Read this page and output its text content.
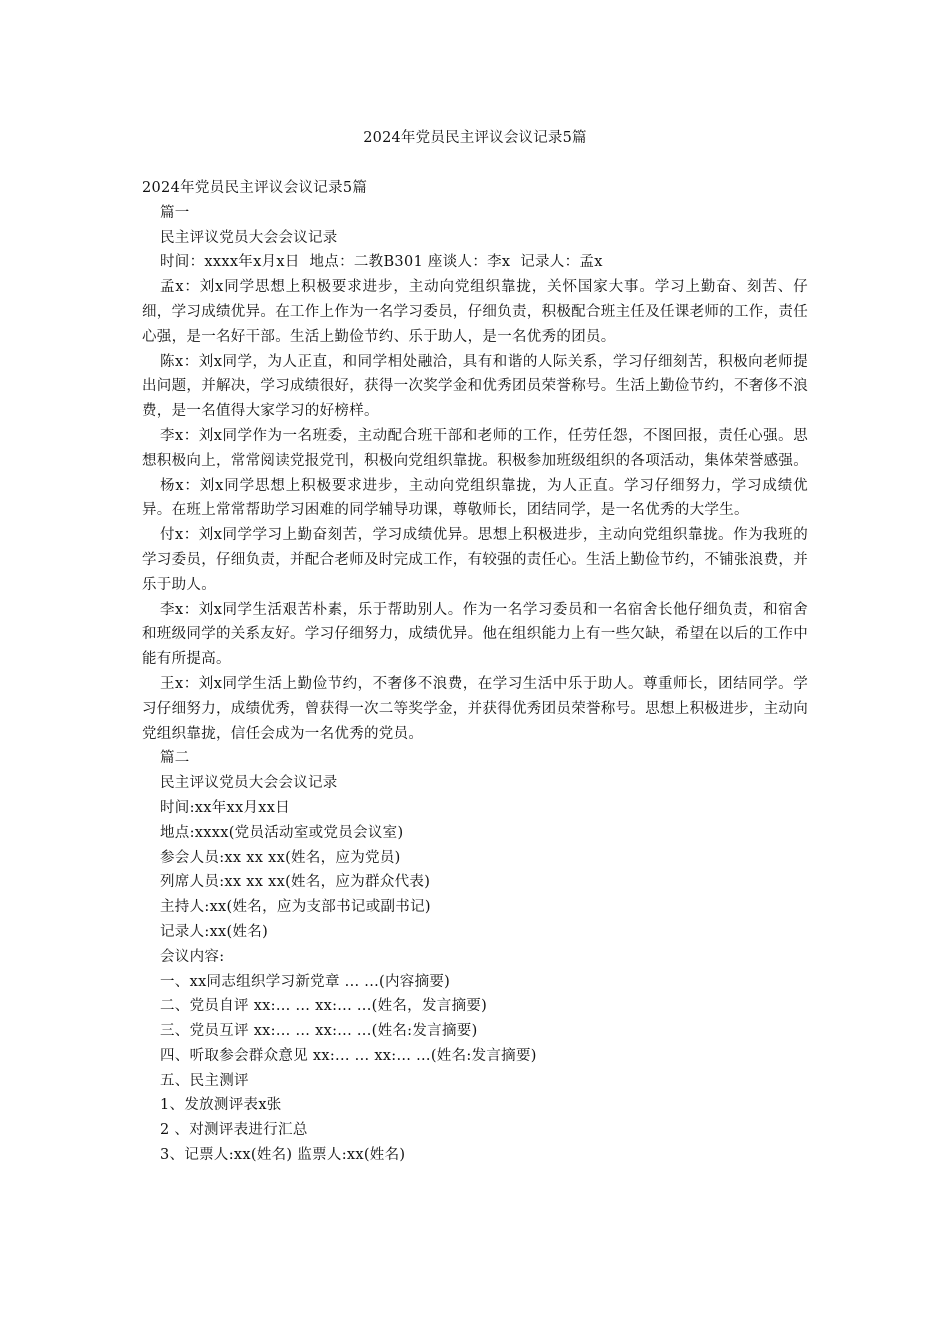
2024年党员民主评议会议记录5篇

2024年党员民主评议会议记录5篇

篇一

民主评议党员大会会议记录

时间：xxxx年x月x日  地点：二教B301 座谈人：李x  记录人：孟x

孟x：刘x同学思想上积极要求进步，主动向党组织靠拢，关怀国家大事。学习上勤奋、刻苦、仔细，学习成绩优异。在工作上作为一名学习委员，仔细负责，积极配合班主任及任课老师的工作，责任心强，是一名好干部。生活上勤俭节约、乐于助人，是一名优秀的团员。

陈x：刘x同学，为人正直，和同学相处融洽，具有和谐的人际关系，学习仔细刻苦，积极向老师提出问题，并解决，学习成绩很好，获得一次奖学金和优秀团员荣誉称号。生活上勤俭节约，不奢侈不浪费，是一名值得大家学习的好榜样。

李x：刘x同学作为一名班委，主动配合班干部和老师的工作，任劳任怨，不图回报，责任心强。思想积极向上，常常阅读党报党刊，积极向党组织靠拢。积极参加班级组织的各项活动，集体荣誉感强。

杨x：刘x同学思想上积极要求进步，主动向党组织靠拢，为人正直。学习仔细努力，学习成绩优异。在班上常常帮助学习困难的同学辅导功课，尊敬师长，团结同学，是一名优秀的大学生。

付x：刘x同学学习上勤奋刻苦，学习成绩优异。思想上积极进步，主动向党组织靠拢。作为我班的学习委员，仔细负责，并配合老师及时完成工作，有较强的责任心。生活上勤俭节约，不铺张浪费，并乐于助人。

李x：刘x同学生活艰苦朴素，乐于帮助别人。作为一名学习委员和一名宿舍长他仔细负责，和宿舍和班级同学的关系友好。学习仔细努力，成绩优异。他在组织能力上有一些欠缺，希望在以后的工作中能有所提高。

王x：刘x同学生活上勤俭节约，不奢侈不浪费，在学习生活中乐于助人。尊重师长，团结同学。学习仔细努力，成绩优秀，曾获得一次二等奖学金，并获得优秀团员荣誉称号。思想上积极进步，主动向党组织靠拢，信任会成为一名优秀的党员。

篇二

民主评议党员大会会议记录

时间:xx年xx月xx日

地点:xxxx(党员活动室或党员会议室)

参会人员:xx xx xx(姓名，应为党员)

列席人员:xx xx xx(姓名，应为群众代表)

主持人:xx(姓名，应为支部书记或副书记)

记录人:xx(姓名)

会议内容:

一、xx同志组织学习新党章 ... ...(内容摘要)

二、党员自评 xx:... ... xx:... ...(姓名，发言摘要)

三、党员互评 xx:... ... xx:... ...(姓名:发言摘要)

四、听取参会群众意见 xx:... ... xx:... ...(姓名:发言摘要)

五、民主测评

1、发放测评表x张

2 、对测评表进行汇总

3、记票人:xx(姓名) 监票人:xx(姓名)
